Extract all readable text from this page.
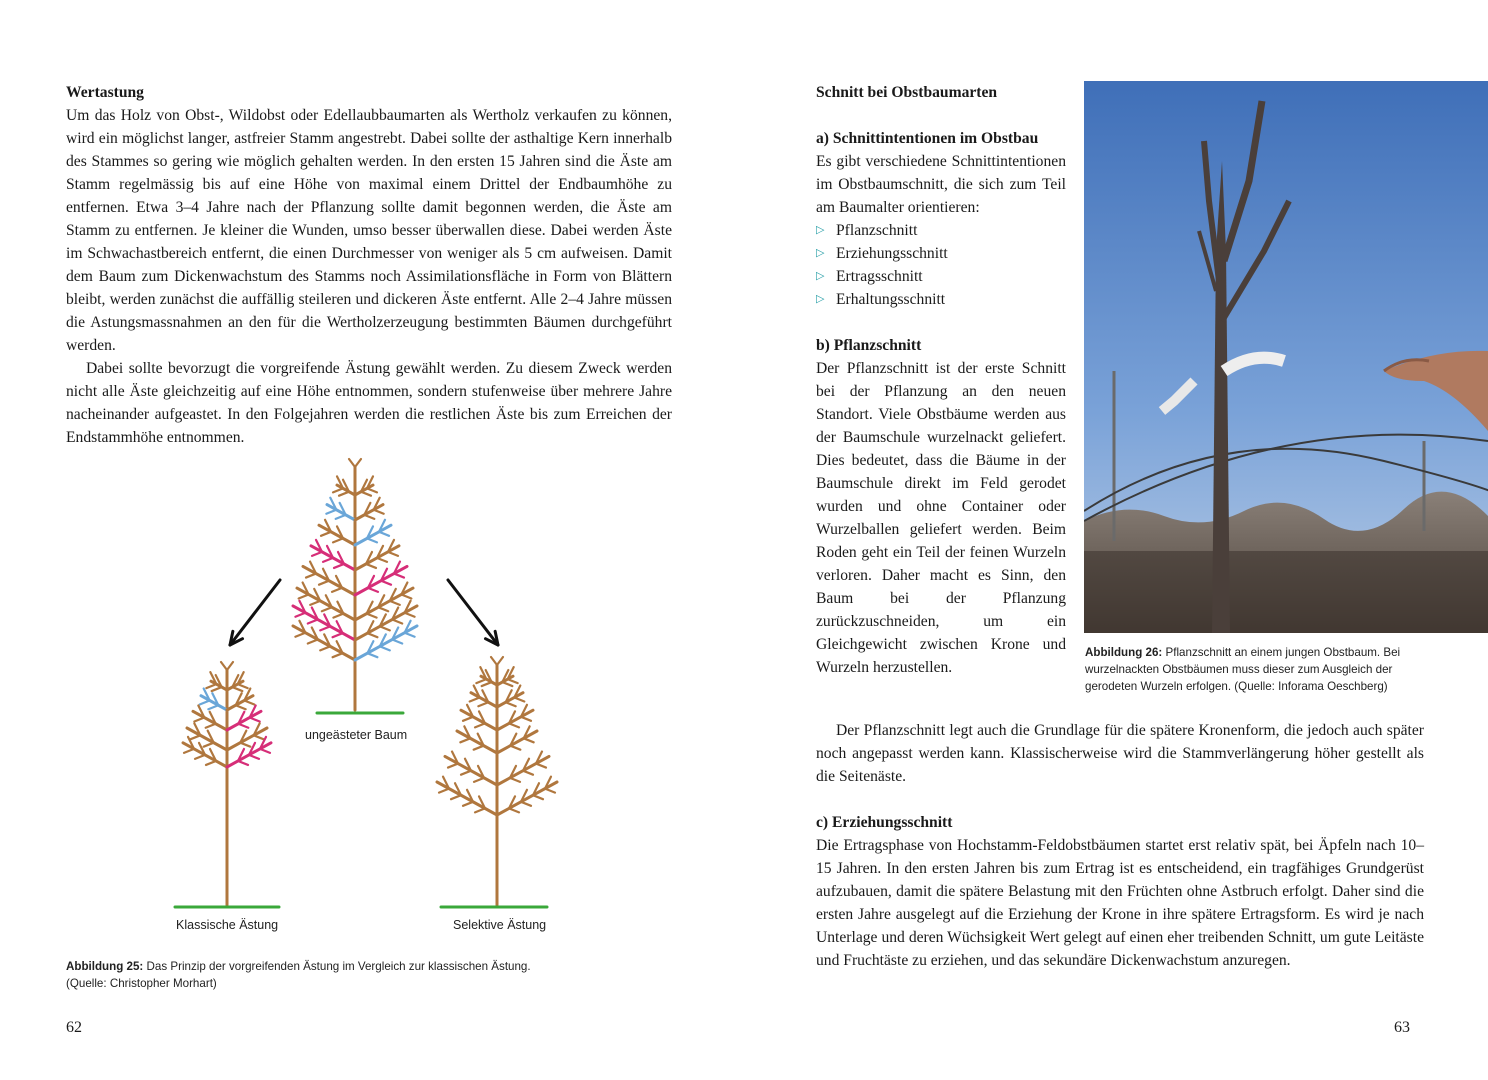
Wertastung

Um das Holz von Obst-, Wildobst oder Edellaubbaumarten als Wertholz verkaufen zu können, wird ein möglichst langer, astfreier Stamm angestrebt. Dabei sollte der asthaltige Kern innerhalb des Stammes so gering wie möglich gehalten werden. In den ersten 15 Jahren sind die Äste am Stamm regelmässig bis auf eine Höhe von maximal einem Drittel der Endbaumhöhe zu entfernen. Etwa 3–4 Jahre nach der Pflanzung sollte damit begonnen werden, die Äste am Stamm zu entfernen. Je kleiner die Wunden, umso besser überwallen diese. Dabei werden Äste im Schwachastbereich entfernt, die einen Durchmesser von weniger als 5 cm aufweisen. Damit dem Baum zum Dickenwachstum des Stamms noch Assimilationsfläche in Form von Blättern bleibt, werden zunächst die auffällig steileren und dickeren Äste entfernt. Alle 2–4 Jahre müssen die Astungsmassnahmen an den für die Wertholzerzeugung bestimmten Bäumen durchgeführt werden.

Dabei sollte bevorzugt die vorgreifende Ästung gewählt werden. Zu diesem Zweck werden nicht alle Äste gleichzeitig auf eine Höhe entnommen, sondern stufenweise über mehrere Jahre nacheinander aufgeastet. In den Folgejahren werden die restlichen Äste bis zum Erreichen der Endstammhöhe entnommen.

ungeästeter Baum
Klassische Ästung	Selektive Ästung

Abbildung 25: Das Prinzip der vorgreifenden Ästung im Vergleich zur klassischen Ästung.

(Quelle: Christopher Morhart)

62

Schnitt bei Obstbaumarten

a) Schnittintentionen im Obstbau

Es gibt verschiedene Schnittintentionen im Obstbaumschnitt, die sich zum Teil am Baumalter orientieren:

▷ Pflanzschnitt
▷ Erziehungsschnitt
▷ Ertragsschnitt
▷ Erhaltungsschnitt

b) Pflanzschnitt

Der Pflanzschnitt ist der erste Schnitt bei der Pflanzung an den neuen Standort. Viele Obstbäume werden aus der Baumschule wurzelnackt geliefert. Dies bedeutet, dass die Bäume in der Baumschule direkt im Feld gerodet wurden und ohne Container oder Wurzelballen geliefert werden. Beim Roden geht ein Teil der feinen Wurzeln verloren. Daher macht es Sinn, den Baum bei der Pflanzung zurückzuschneiden, um ein Gleichgewicht zwischen Krone und Wurzeln herzustellen.

Abbildung 26: Pflanzschnitt an einem jungen Obstbaum. Bei wurzelnackten Obstbäumen muss dieser zum Ausgleich der gerodeten Wurzeln erfolgen. (Quelle: Inforama Oeschberg)

Der Pflanzschnitt legt auch die Grundlage für die spätere Kronenform, die jedoch auch später noch angepasst werden kann. Klassischerweise wird die Stammverlängerung höher gestellt als die Seitenäste.

c) Erziehungsschnitt

Die Ertragsphase von Hochstamm-Feldobstbäumen startet erst relativ spät, bei Äpfeln nach 10–15 Jahren. In den ersten Jahren bis zum Ertrag ist es entscheidend, ein tragfähiges Grundgerüst aufzubauen, damit die spätere Belastung mit den Früchten ohne Astbruch erfolgt. Daher sind die ersten Jahre ausgelegt auf die Erziehung der Krone in ihre spätere Ertragsform. Es wird je nach Unterlage und deren Wüchsigkeit Wert gelegt auf einen eher treibenden Schnitt, um gute Leitäste und Fruchtäste zu erziehen, und das sekundäre Dickenwachstum anzuregen.

63
